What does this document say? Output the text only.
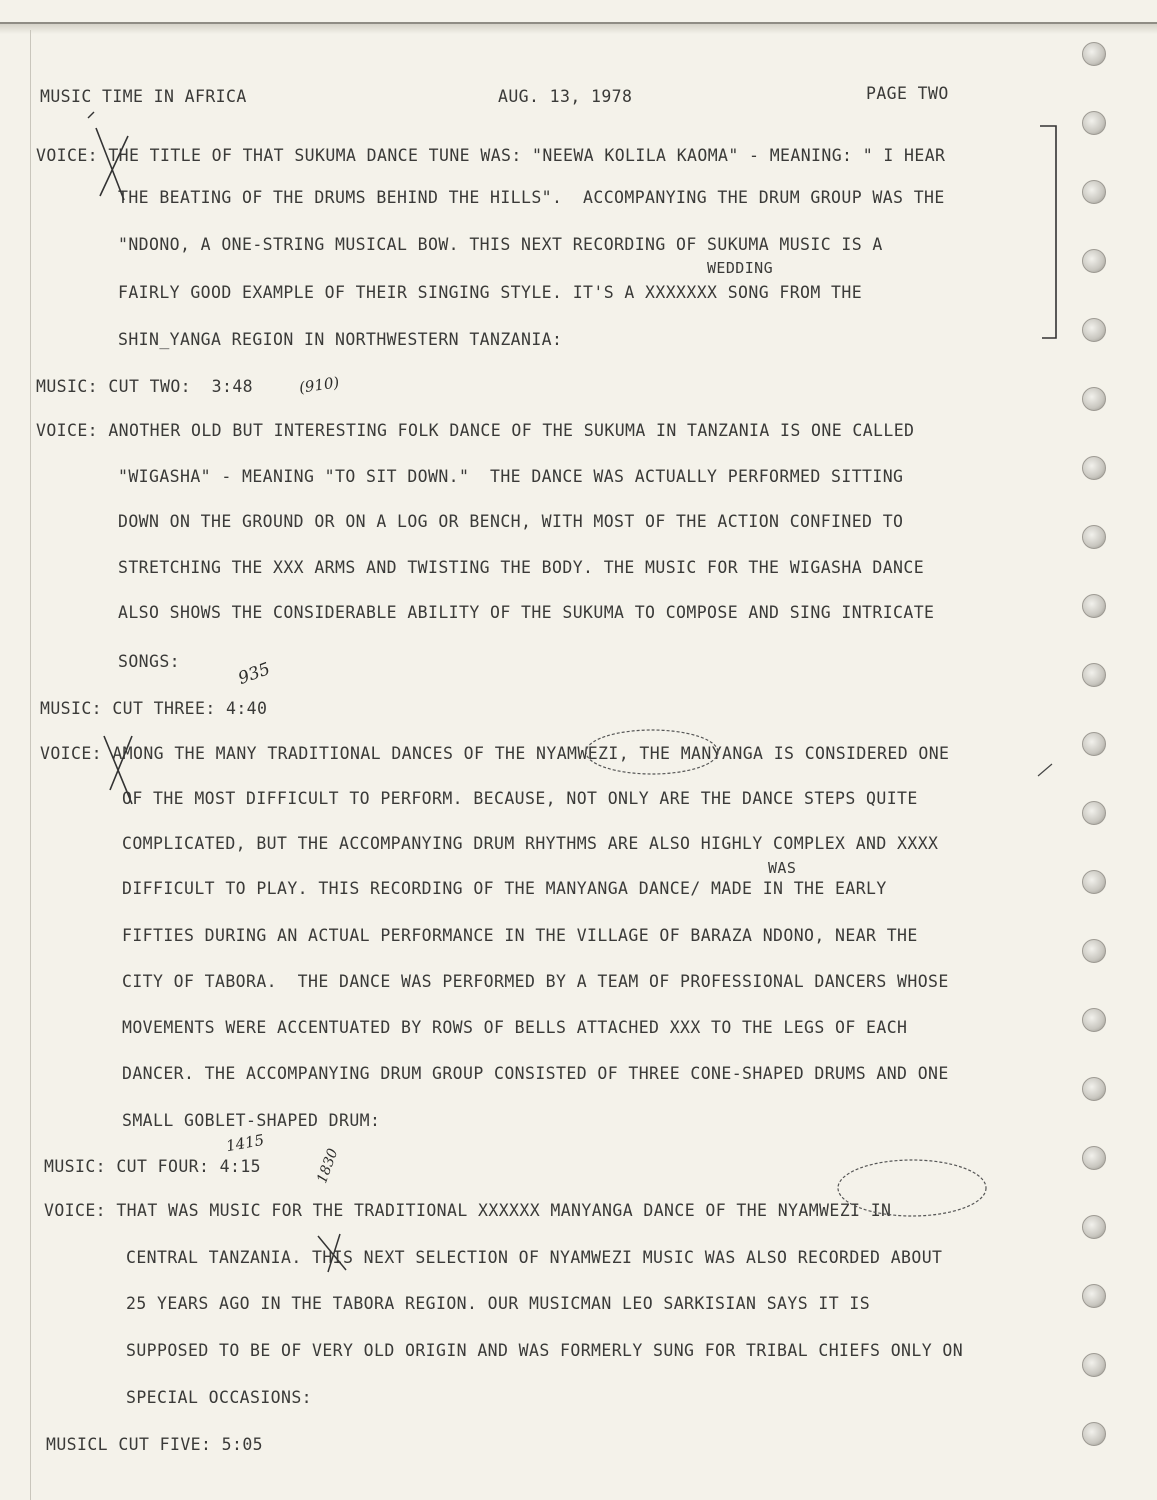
MUSIC TIME IN AFRICA	AUG. 13, 1978	PAGE TWO
VOICE: THE TITLE OF THAT SUKUMA DANCE TUNE WAS: "NEEWA KOLILA KAOMA" - MEANING: " I HEAR
THE BEATING OF THE DRUMS BEHIND THE HILLS".  ACCOMPANYING THE DRUM GROUP WAS THE
"NDONO, A ONE-STRING MUSICAL BOW. THIS NEXT RECORDING OF SUKUMA MUSIC IS A
WEDDING
FAIRLY GOOD EXAMPLE OF THEIR SINGING STYLE. IT'S A XXXXXXX SONG FROM THE
SHIN_YANGA REGION IN NORTHWESTERN TANZANIA:
MUSIC: CUT TWO:  3:48
VOICE: ANOTHER OLD BUT INTERESTING FOLK DANCE OF THE SUKUMA IN TANZANIA IS ONE CALLED
"WIGASHA" - MEANING "TO SIT DOWN."  THE DANCE WAS ACTUALLY PERFORMED SITTING
DOWN ON THE GROUND OR ON A LOG OR BENCH, WITH MOST OF THE ACTION CONFINED TO
STRETCHING THE XXX ARMS AND TWISTING THE BODY. THE MUSIC FOR THE WIGASHA DANCE
ALSO SHOWS THE CONSIDERABLE ABILITY OF THE SUKUMA TO COMPOSE AND SING INTRICATE
SONGS:
MUSIC: CUT THREE: 4:40
VOICE: AMONG THE MANY TRADITIONAL DANCES OF THE NYAMWEZI, THE MANYANGA IS CONSIDERED ONE
OF THE MOST DIFFICULT TO PERFORM. BECAUSE, NOT ONLY ARE THE DANCE STEPS QUITE
COMPLICATED, BUT THE ACCOMPANYING DRUM RHYTHMS ARE ALSO HIGHLY COMPLEX AND XXXX
WAS
DIFFICULT TO PLAY. THIS RECORDING OF THE MANYANGA DANCE/ MADE IN THE EARLY
FIFTIES DURING AN ACTUAL PERFORMANCE IN THE VILLAGE OF BARAZA NDONO, NEAR THE
CITY OF TABORA.  THE DANCE WAS PERFORMED BY A TEAM OF PROFESSIONAL DANCERS WHOSE
MOVEMENTS WERE ACCENTUATED BY ROWS OF BELLS ATTACHED XXX TO THE LEGS OF EACH
DANCER. THE ACCOMPANYING DRUM GROUP CONSISTED OF THREE CONE-SHAPED DRUMS AND ONE
SMALL GOBLET-SHAPED DRUM:
MUSIC: CUT FOUR: 4:15
VOICE: THAT WAS MUSIC FOR THE TRADITIONAL XXXXXX MANYANGA DANCE OF THE NYAMWEZI IN
CENTRAL TANZANIA. THIS NEXT SELECTION OF NYAMWEZI MUSIC WAS ALSO RECORDED ABOUT
25 YEARS AGO IN THE TABORA REGION. OUR MUSICMAN LEO SARKISIAN SAYS IT IS
SUPPOSED TO BE OF VERY OLD ORIGIN AND WAS FORMERLY SUNG FOR TRIBAL CHIEFS ONLY ON
SPECIAL OCCASIONS:
MUSICL CUT FIVE: 5:05
(910)
935
1415
1830
